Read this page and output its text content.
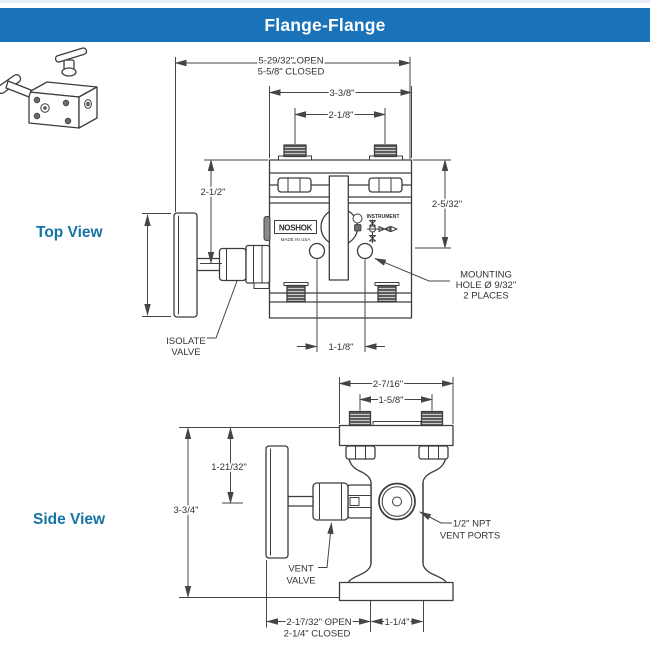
Flange-Flange
Top View
Side View
5-29/32" OPEN
5-5/8" CLOSED
3-3/8"
2-1/8"
2-1/2"
2-5/32"
1-1/8"
ISOLATE
VALVE
MOUNTING
HOLE Ø 9/32"
2 PLACES
NOSHOK
MADE IN USA
INSTRUMENT
2-7/16"
1-5/8"
1-21/32"
3-3/4"
2-17/32" OPEN
2-1/4" CLOSED
1-1/4"
VENT
VALVE
1/2" NPT
VENT PORTS
